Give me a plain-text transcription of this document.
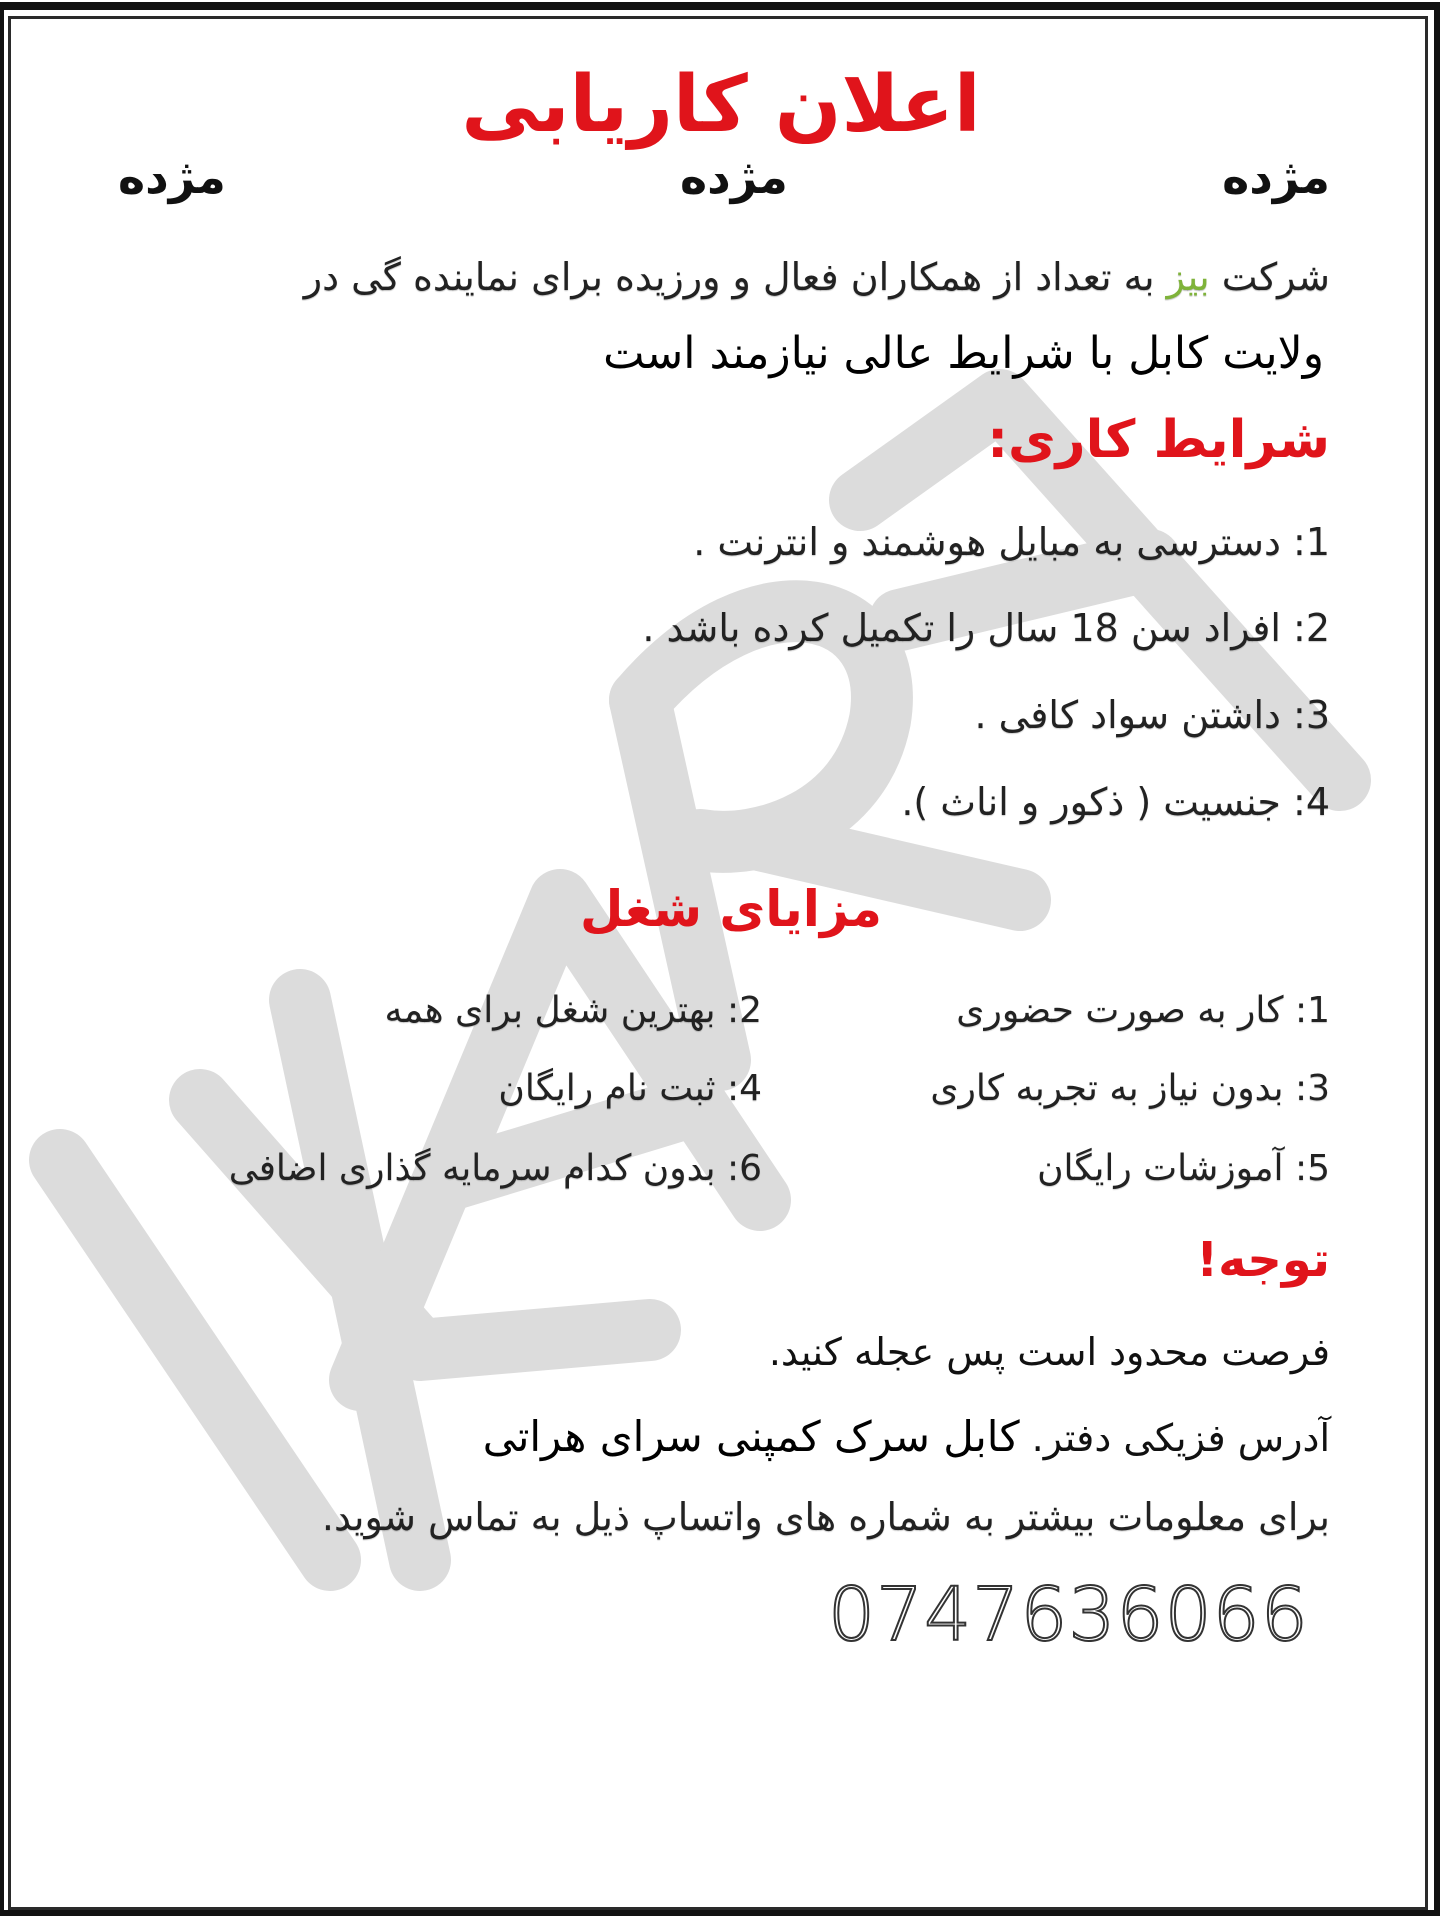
اعلان کاریابی
مژده
مژده
مژده
شرکت بیز به تعداد از همکاران فعال و ورزیده برای نماینده گی در
ولایت کابل با شرایط عالی نیازمند است
شرایط کاری:
1: دسترسی به مبایل هوشمند و انترنت .
2: افراد سن 18 سال را تکمیل کرده باشد .
3: داشتن سواد کافی .
4: جنسیت ( ذکور و اناث ).
مزایای شغل
1: کار به صورت حضوری
2: بهترین شغل برای همه
3: بدون نیاز به تجربه کاری
4: ثبت نام رایگان
5: آموزشات رایگان
6: بدون کدام سرمایه گذاری اضافی
توجه!
فرصت محدود است پس عجله کنید.
آدرس فزیکی دفتر. کابل سرک کمپنی سرای هراتی
برای معلومات بیشتر به شماره های واتساپ ذیل به تماس شوید.
0747636066
